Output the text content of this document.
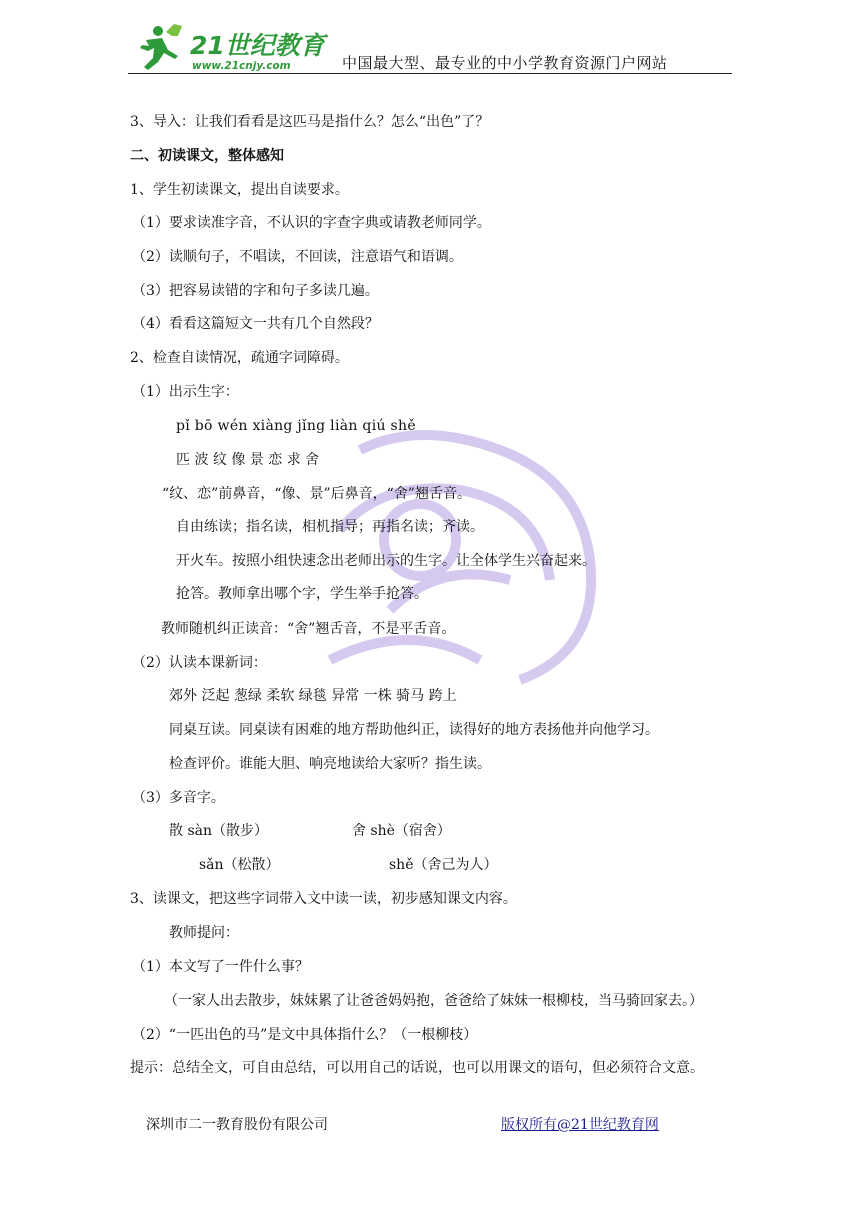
21世纪教育
www.21cnjy.com	中国最大型、最专业的中小学教育资源门户网站
3、导入：让我们看看是这匹马是指什么？怎么“出色”了？
二、初读课文，整体感知
1、学生初读课文，提出自读要求。
（1）要求读准字音，不认识的字查字典或请教老师同学。
（2）读顺句子，不唱读，不回读，注意语气和语调。
（3）把容易读错的字和句子多读几遍。
（4）看看这篇短文一共有几个自然段？
2、检查自读情况，疏通字词障碍。
（1）出示生字：
pǐ bō wén xiàng jǐng liàn qiú shě
匹 波 纹 像 景 恋 求 舍
“纹、恋”前鼻音，“像、景”后鼻音，“舍”翘舌音。
自由练读；指名读，相机指导；再指名读；齐读。
开火车。按照小组快速念出老师出示的生字。让全体学生兴奋起来。
抢答。教师拿出哪个字，学生举手抢答。
教师随机纠正读音：“舍”翘舌音，不是平舌音。
（2）认读本课新词：
郊外 泛起 葱绿 柔软 绿毯 异常 一株 骑马 跨上
同桌互读。同桌读有困难的地方帮助他纠正，读得好的地方表扬他并向他学习。
检查评价。谁能大胆、响亮地读给大家听？指生读。
（3）多音字。
散 sàn（散步）	舍 shè（宿舍）
sǎn（松散）	shě（舍己为人）
3、读课文，把这些字词带入文中读一读，初步感知课文内容。
教师提问：
（1）本文写了一件什么事？
（一家人出去散步，妹妹累了让爸爸妈妈抱，爸爸给了妹妹一根柳枝，当马骑回家去。）
（2）“一匹出色的马”是文中具体指什么？（一根柳枝）
提示：总结全文，可自由总结，可以用自己的话说，也可以用课文的语句，但必须符合文意。
深圳市二一教育股份有限公司	版权所有@21世纪教育网
